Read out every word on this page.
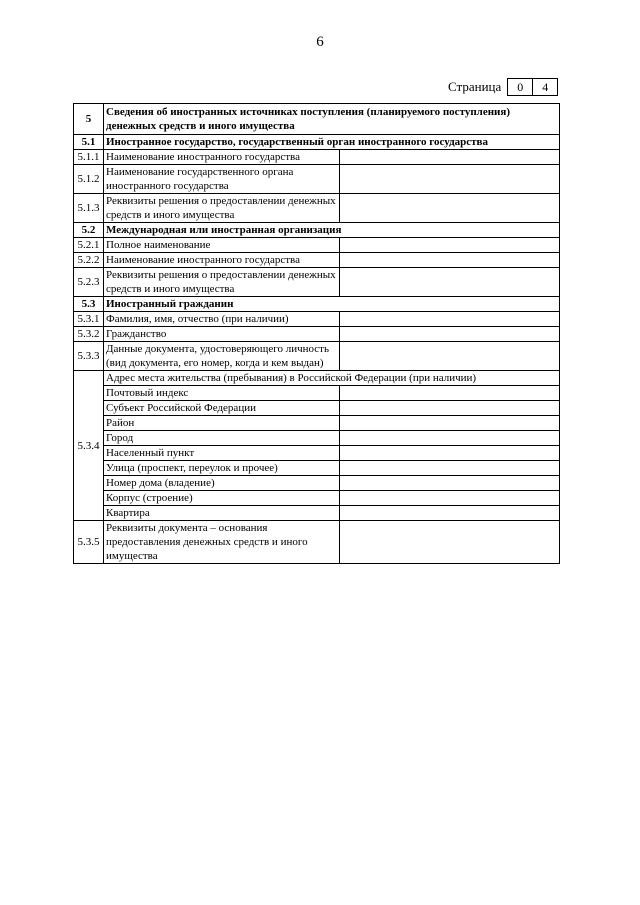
6
Страница	0	4
5	Сведения об иностранных источниках поступления (планируемого поступления) денежных средств и иного имущества	
5.1	Иностранное государство, государственный орган иностранного государства	
5.1.1	Наименование иностранного государства	
5.1.2	Наименование государственного органа иностранного государства	
5.1.3	Реквизиты решения о предоставлении денежных средств и иного имущества	
5.2	Международная или иностранная организация	
5.2.1	Полное наименование	
5.2.2	Наименование иностранного государства	
5.2.3	Реквизиты решения о предоставлении денежных средств и иного имущества	
5.3	Иностранный гражданин	
5.3.1	Фамилия, имя, отчество (при наличии)	
5.3.2	Гражданство	
5.3.3	Данные документа, удостоверяющего личность (вид документа, его номер, когда и кем выдан)	
5.3.4	Адрес места жительства (пребывания) в Российской Федерации (при наличии)	
	Почтовый индекс	
	Субъект Российской Федерации	
	Район	
	Город	
	Населенный пункт	
	Улица (проспект, переулок и прочее)	
	Номер дома (владение)	
	Корпус (строение)	
	Квартира	
5.3.5	Реквизиты документа – основания предоставления денежных средств и иного имущества	
